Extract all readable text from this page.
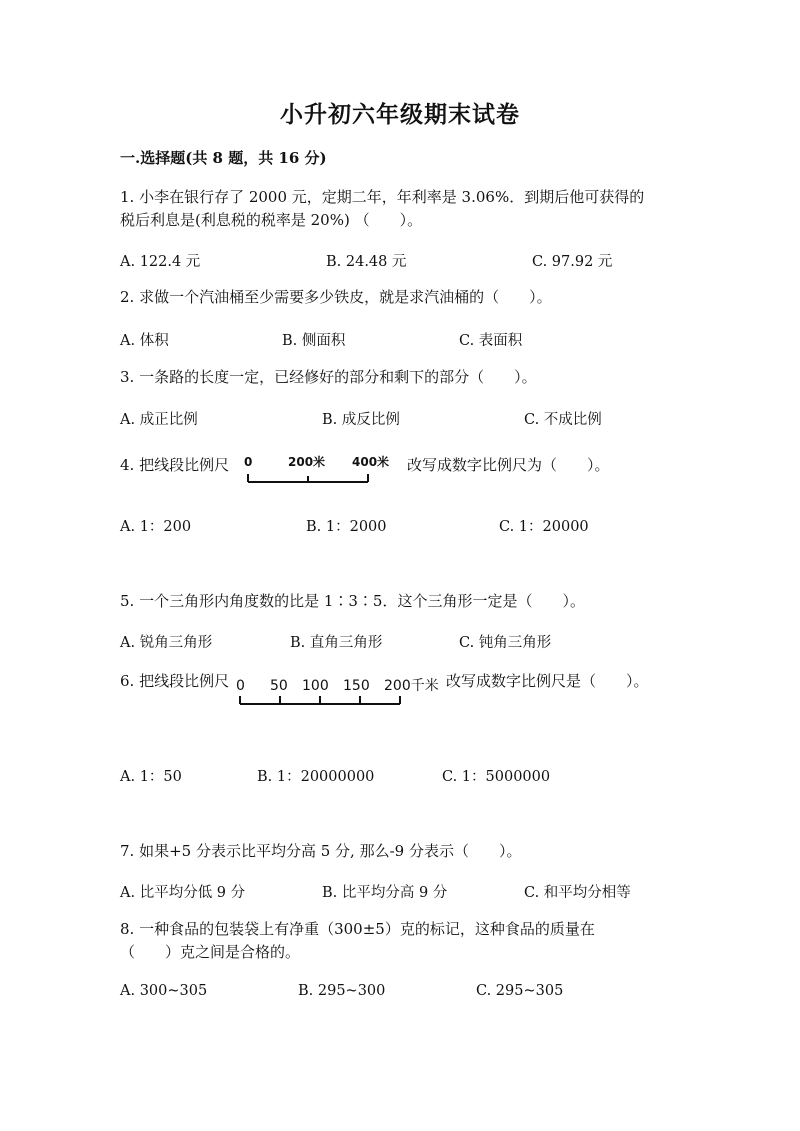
小升初六年级期末试卷
一.选择题(共 8 题，共 16 分)
1. 小李在银行存了 2000 元，定期二年，年利率是 3.06%．到期后他可获得的
税后利息是(利息税的税率是 20%) （　　）。
A. 122.4 元	B. 24.48 元	C. 97.92 元
2. 求做一个汽油桶至少需要多少铁皮，就是求汽油桶的（　　）。
A. 体积	B. 侧面积	C. 表面积
3. 一条路的长度一定，已经修好的部分和剩下的部分（　　）。
A. 成正比例	B. 成反比例	C. 不成比例
4. 把线段比例尺 0	200米 400米 改写成数字比例尺为（　　）。
A. 1：200	B. 1：2000	C. 1：20000
5. 一个三角形内角度数的比是 1∶3∶5．这个三角形一定是（　　）。
A. 锐角三角形	B. 直角三角形	C. 钝角三角形
6. 把线段比例尺 0 50 100 150 200千米 改写成数字比例尺是（　　）。
A. 1：50	B. 1：20000000	C. 1：5000000
7. 如果+5 分表示比平均分高 5 分, 那么-9 分表示（　　）。
A. 比平均分低 9 分	B. 比平均分高 9 分	C. 和平均分相等
8. 一种食品的包装袋上有净重（300±5）克的标记，这种食品的质量在
（　　）克之间是合格的。
A. 300~305	B. 295~300	C. 295~305
